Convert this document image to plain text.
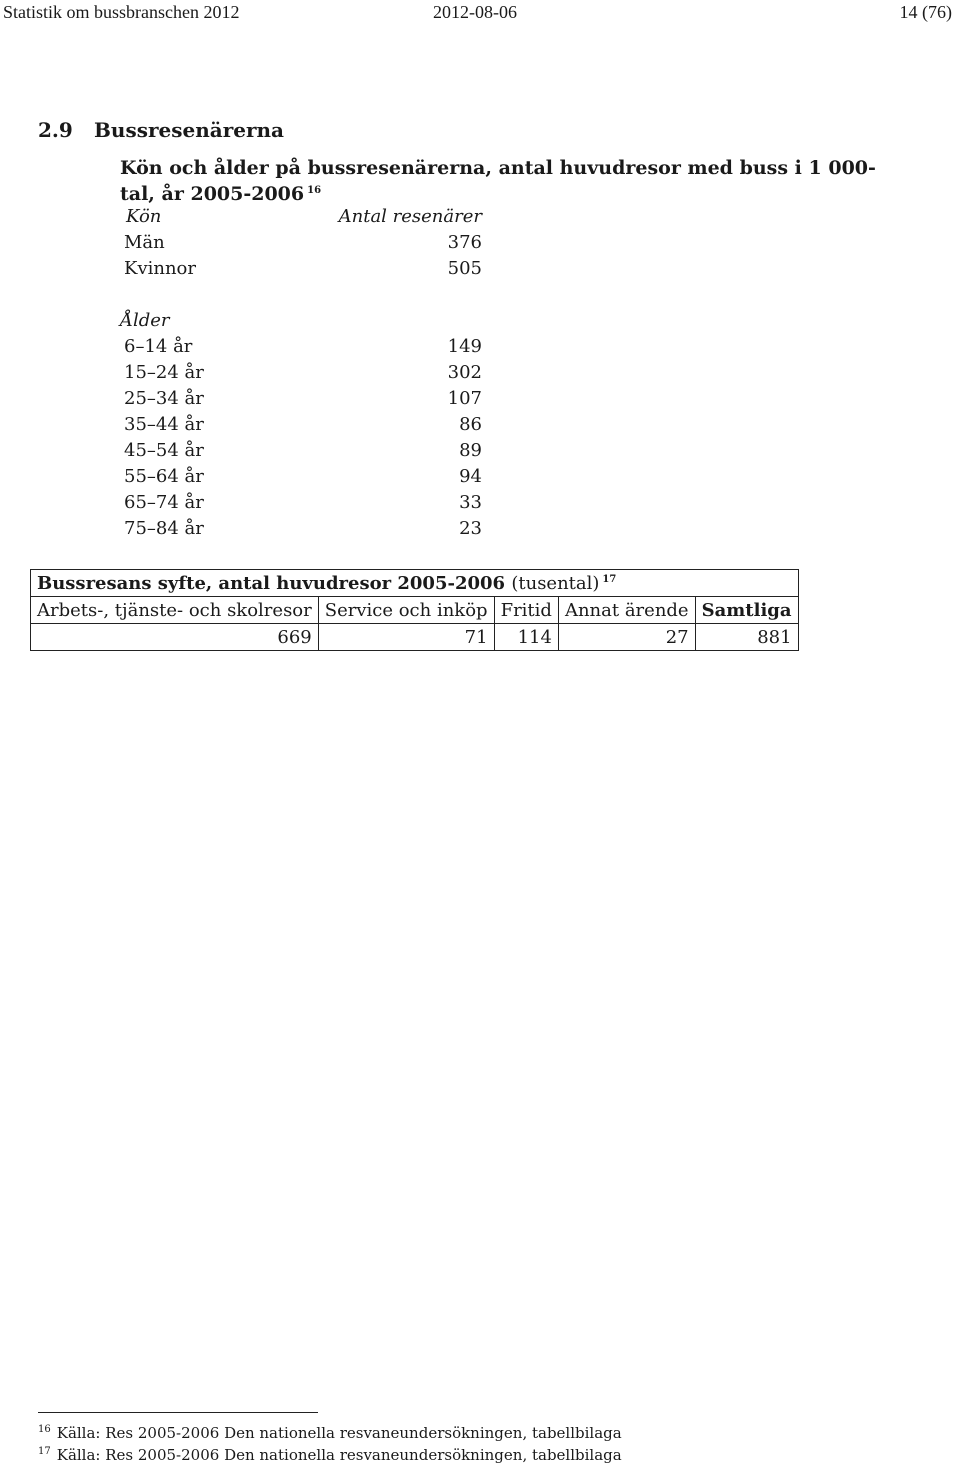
Statistik om bussbranschen 2012	2012-08-06	14 (76)
2.9 Bussresenärerna
Kön och ålder på bussresenärerna, antal huvudresor med buss i 1 000-tal, år 2005-2006 $^{16}$
Kön	Antal resenärer
Män	376
Kvinnor	505
Ålder
6–14 år	149
15–24 år	302
25–34 år	107
35–44 år	86
45–54 år	89
55–64 år	94
65–74 år	33
75–84 år	23
Bussresans syfte, antal huvudresor 2005-2006 (tusental) $^{17}$
Arbets-, tjänste- och skolresor	Service och inköp	Fritid	Annat ärende	Samtliga
669	71	114	27	881
$^{16}$ Källa: Res 2005-2006 Den nationella resvaneundersökningen, tabellbilaga
$^{17}$ Källa: Res 2005-2006 Den nationella resvaneundersökningen, tabellbilaga
